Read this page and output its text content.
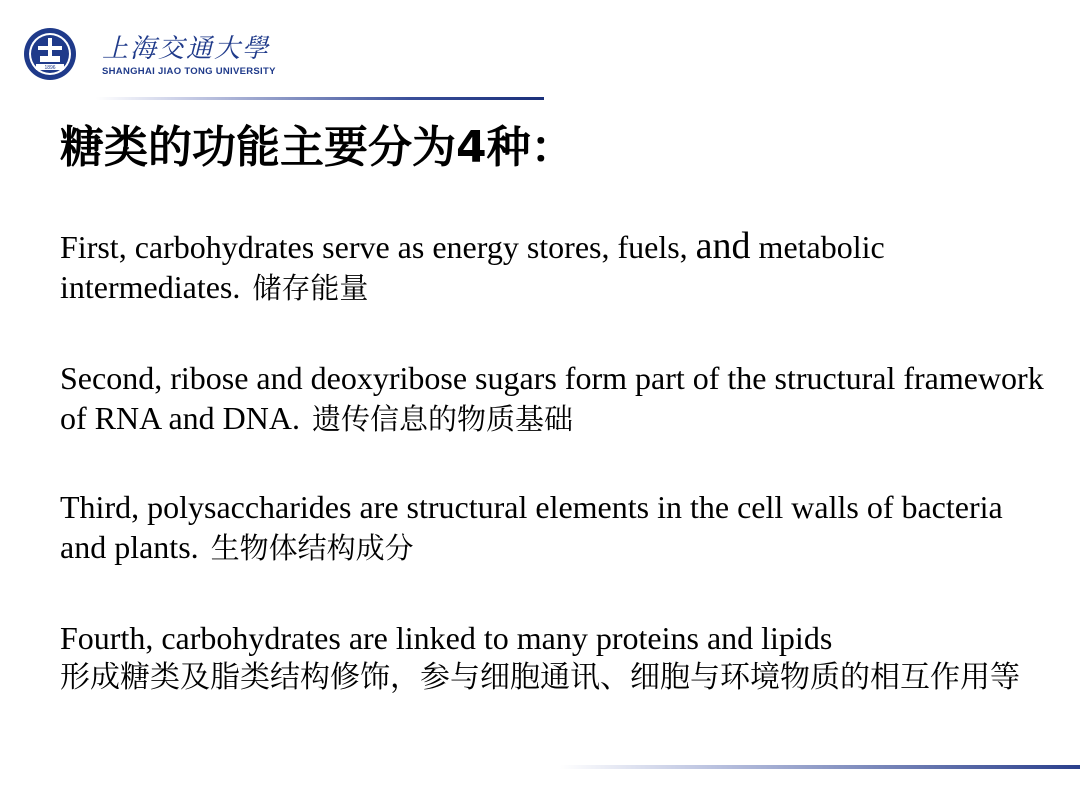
1896
上海交通大學
SHANGHAI JIAO TONG UNIVERSITY
糖类的功能主要分为4种：
First, carbohydrates serve as energy stores, fuels, and metabolic intermediates. 储存能量
Second, ribose and deoxyribose sugars form part of the structural framework of RNA and DNA. 遗传信息的物质基础
Third, polysaccharides are structural elements in the cell walls of bacteria and plants. 生物体结构成分
Fourth, carbohydrates are linked to many proteins and lipids
形成糖类及脂类结构修饰，参与细胞通讯、细胞与环境物质的相互作用等
